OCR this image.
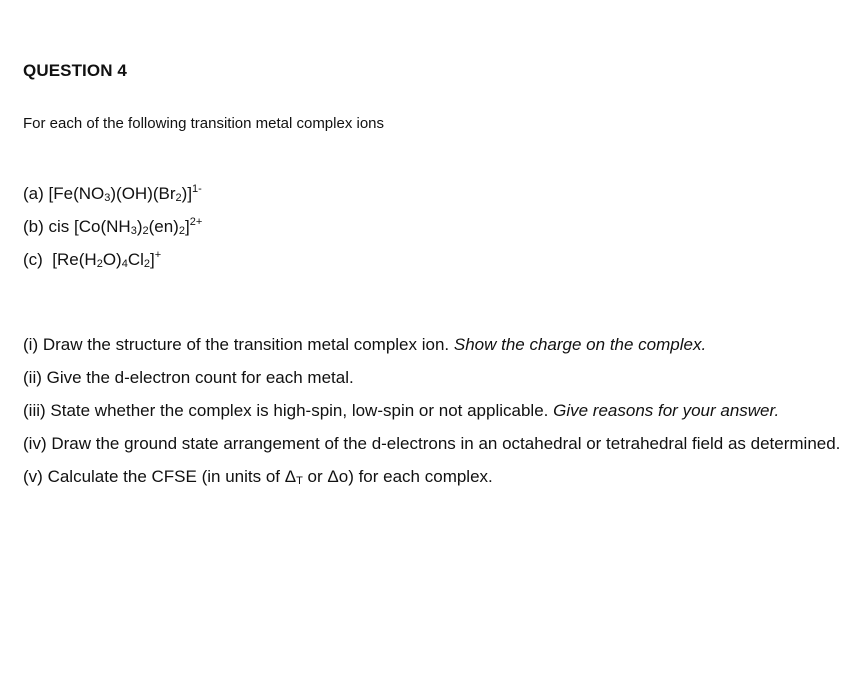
QUESTION 4
For each of the following transition metal complex ions
(a) $[Fe(NO_3)(OH)(Br_2)]^{1-}$
(b) cis $[Co(NH_3)_2(en)_2]^{2+}$
(c) $[Re(H_2O)_4Cl_2]^+$
(i) Draw the structure of the transition metal complex ion. Show the charge on the complex.
(ii) Give the d-electron count for each metal.
(iii) State whether the complex is high-spin, low-spin or not applicable. Give reasons for your answer.
(iv) Draw the ground state arrangement of the d-electrons in an octahedral or tetrahedral field as determined.
(v) Calculate the CFSE (in units of $\Delta_T$ or Δo) for each complex.
